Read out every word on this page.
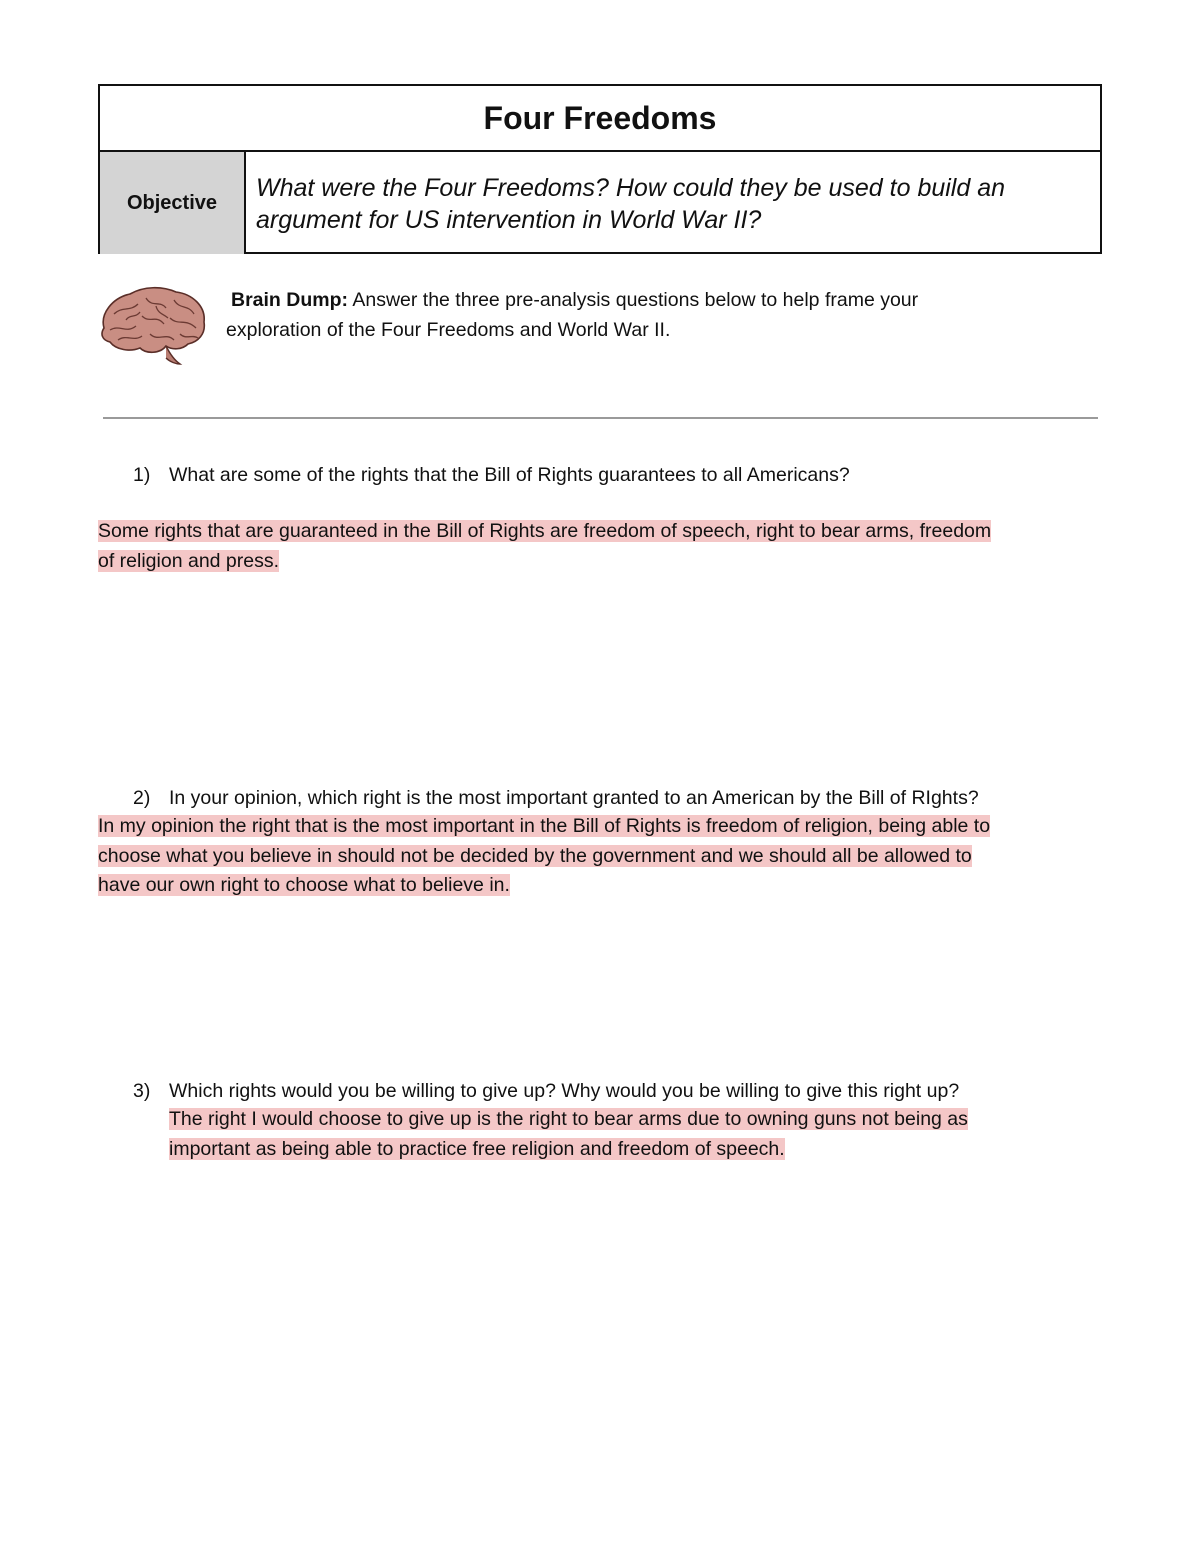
Four Freedoms
Objective
What were the Four Freedoms? How could they be used to build an argument for US intervention in World War II?
Brain Dump: Answer the three pre-analysis questions below to help frame your
exploration of the Four Freedoms and World War II.
1) What are some of the rights that the Bill of Rights guarantees to all Americans?
Some rights that are guaranteed in the Bill of Rights are freedom of speech, right to bear arms, freedom
of religion and press.
2) In your opinion, which right is the most important granted to an American by the Bill of RIghts?
In my opinion the right that is the most important in the Bill of Rights is freedom of religion, being able to
choose what you believe in should not be decided by the government and we should all be allowed to
have our own right to choose what to believe in.
3) Which rights would you be willing to give up? Why would you be willing to give this right up?
The right I would choose to give up is the right to bear arms due to owning guns not being as
important as being able to practice free religion and freedom of speech.
